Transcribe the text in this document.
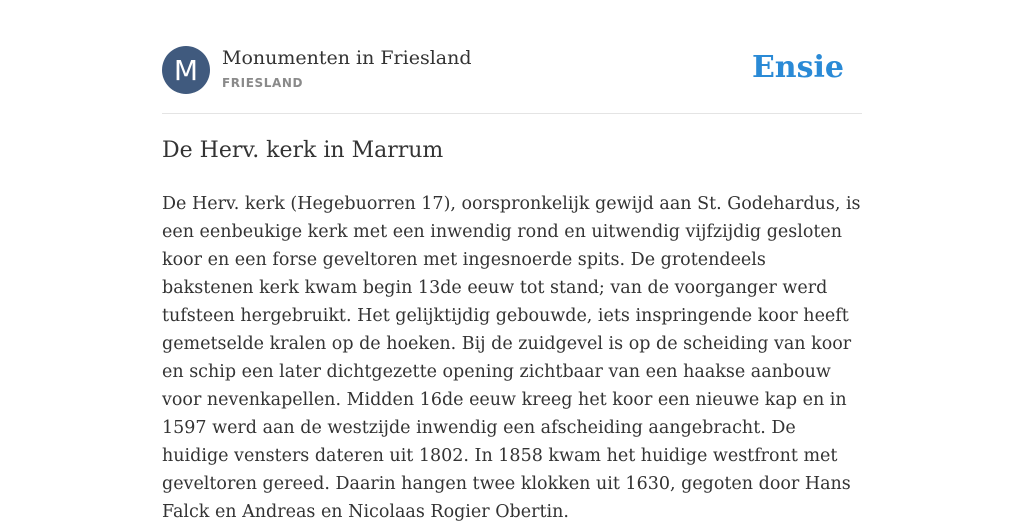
M	Monumenten in Friesland
FRIESLAND	Ensie
De Herv. kerk in Marrum

De Herv. kerk (Hegebuorren 17), oorspronkelijk gewijd aan St. Godehardus, is een eenbeukige kerk met een inwendig rond en uitwendig vijfzijdig gesloten koor en een forse geveltoren met ingesnoerde spits. De grotendeels bakstenen kerk kwam begin 13de eeuw tot stand; van de voorganger werd tufsteen hergebruikt. Het gelijktijdig gebouwde, iets inspringende koor heeft gemetselde kralen op de hoeken. Bij de zuidgevel is op de scheiding van koor en schip een later dichtgezette opening zichtbaar van een haakse aanbouw voor nevenkapellen. Midden 16de eeuw kreeg het koor een nieuwe kap en in 1597 werd aan de westzijde inwendig een afscheiding aangebracht. De huidige vensters dateren uit 1802. In 1858 kwam het huidige westfront met geveltoren gereed. Daarin hangen twee klokken uit 1630, gegoten door Hans Falck en Andreas en Nicolaas Rogier Obertin.
